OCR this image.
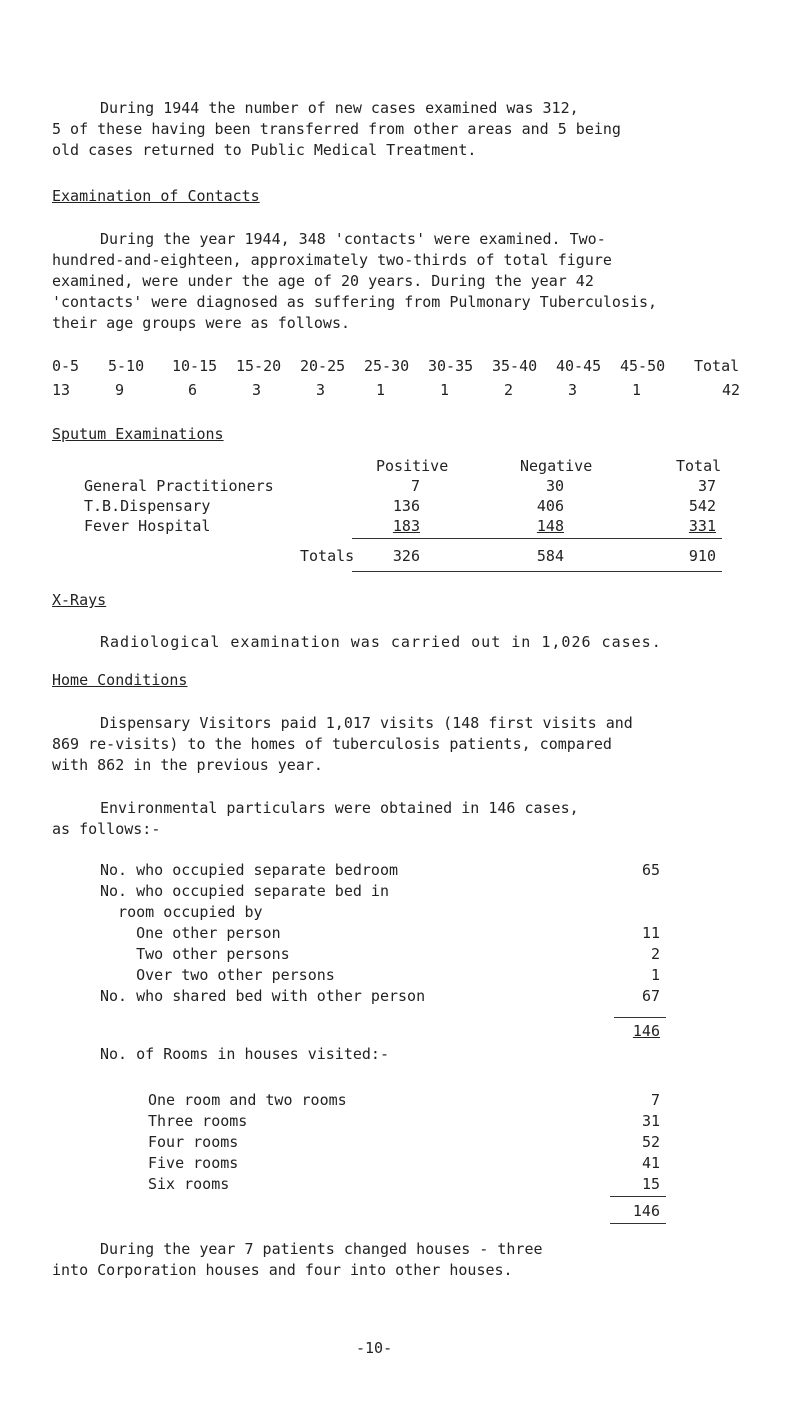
During 1944 the number of new cases examined was 312,
5 of these having been transferred from other areas and 5 being
old cases returned to Public Medical Treatment.
Examination of Contacts
During the year 1944, 348 'contacts' were examined. Two-
hundred-and-eighteen, approximately two-thirds of total figure
examined, were under the age of 20 years. During the year 42
'contacts' were diagnosed as suffering from Pulmonary Tuberculosis,
their age groups were as follows.
0-5 5-10 10-15 15-20 20-25 25-30 30-35 35-40 40-45 45-50 Total
13	9	6	3	3	1	1	2	3	1	42
Sputum Examinations
Positive	Negative	Total
General Practitioners	7	30	37
T.B.Dispensary	136	406	542
Fever Hospital	183	148	331
Totals	326	584	910
X-Rays
Radiological examination was carried out in 1,026 cases.
Home Conditions
Dispensary Visitors paid 1,017 visits (148 first visits and
869 re-visits) to the homes of tuberculosis patients, compared
with 862 in the previous year.
Environmental particulars were obtained in 146 cases,
as follows:-
No. who occupied separate bedroom	65
No. who occupied separate bed in
room occupied by
One other person	11
Two other persons	2
Over two other persons	1
No. who shared bed with other person	67
146
No. of Rooms in houses visited:-
One room and two rooms	7
Three rooms	31
Four rooms	52
Five rooms	41
Six rooms	15
146
During the year 7 patients changed houses - three
into Corporation houses and four into other houses.
-10-
